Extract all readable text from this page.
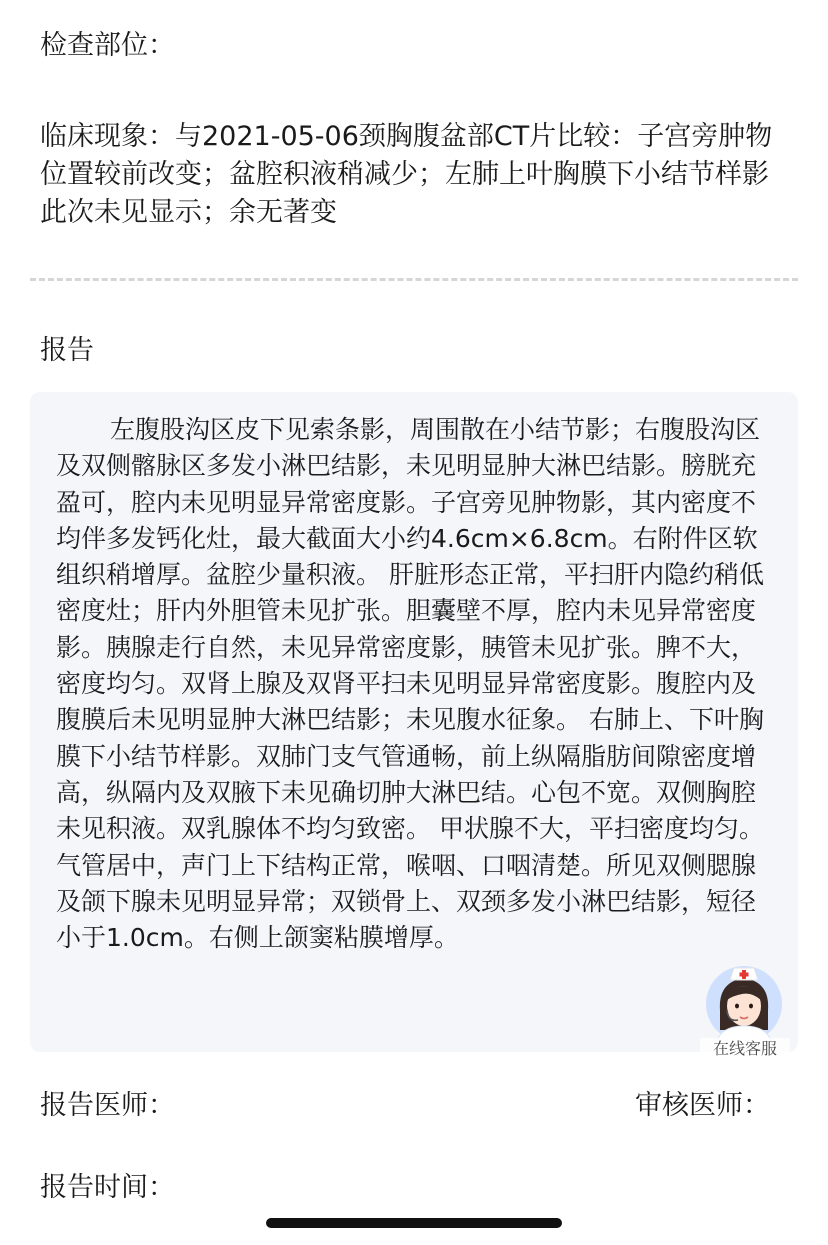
检查部位：

临床现象：与2021-05-06颈胸腹盆部CT片比较：子宫旁肿物位置较前改变；盆腔积液稍减少；左肺上叶胸膜下小结节样影此次未见显示；余无著变

报告

左腹股沟区皮下见索条影，周围散在小结节影；右腹股沟区及双侧髂脉区多发小淋巴结影，未见明显肿大淋巴结影。膀胱充盈可，腔内未见明显异常密度影。子宫旁见肿物影，其内密度不均伴多发钙化灶，最大截面大小约4.6cm×6.8cm。右附件区软组织稍增厚。盆腔少量积液。 肝脏形态正常，平扫肝内隐约稍低密度灶；肝内外胆管未见扩张。胆囊壁不厚，腔内未见异常密度影。胰腺走行自然，未见异常密度影，胰管未见扩张。脾不大，密度均匀。双肾上腺及双肾平扫未见明显异常密度影。腹腔内及腹膜后未见明显肿大淋巴结影；未见腹水征象。 右肺上、下叶胸膜下小结节样影。双肺门支气管通畅，前上纵隔脂肪间隙密度增高，纵隔内及双腋下未见确切肿大淋巴结。心包不宽。双侧胸腔未见积液。双乳腺体不均匀致密。 甲状腺不大，平扫密度均匀。气管居中，声门上下结构正常，喉咽、口咽清楚。所见双侧腮腺及颌下腺未见明显异常；双锁骨上、双颈多发小淋巴结影，短径小于1.0cm。右侧上颌窦粘膜增厚。

报告医师：	审核医师：

报告时间：

在线客服
